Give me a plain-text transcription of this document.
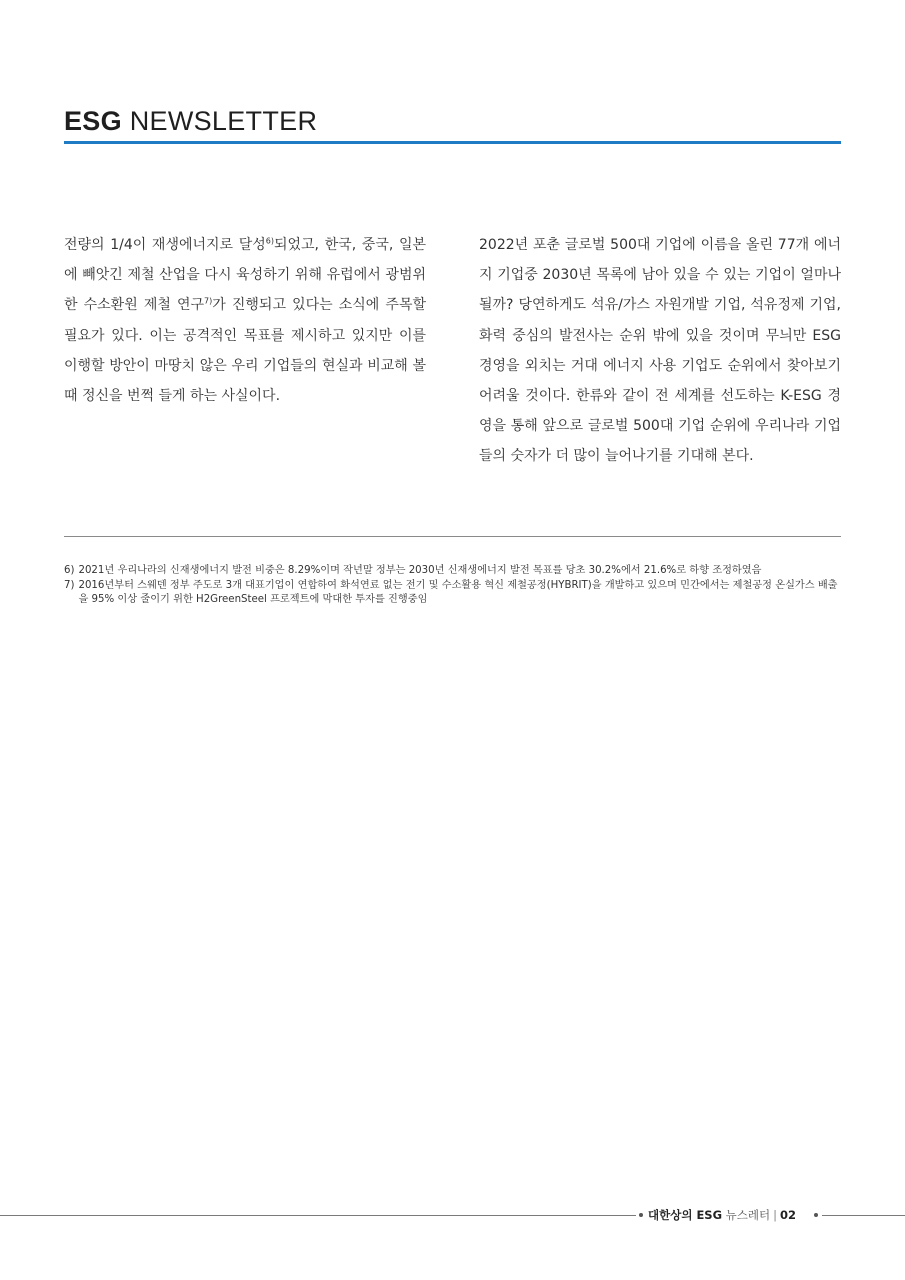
ESG NEWSLETTER

전량의 1/4이 재생에너지로 달성$^{6)}$되었고, 한국, 중국, 일본에 빼앗긴 제철 산업을 다시 육성하기 위해 유럽에서 광범위한 수소환원 제철 연구$^{7)}$가 진행되고 있다는 소식에 주목할 필요가 있다. 이는 공격적인 목표를 제시하고 있지만 이를 이행할 방안이 마땅치 않은 우리 기업들의 현실과 비교해 볼 때 정신을 번쩍 들게 하는 사실이다.

2022년 포춘 글로벌 500대 기업에 이름을 올린 77개 에너지 기업중 2030년 목록에 남아 있을 수 있는 기업이 얼마나 될까? 당연하게도 석유/가스 자원개발 기업, 석유정제 기업, 화력 중심의 발전사는 순위 밖에 있을 것이며 무늬만 ESG 경영을 외치는 거대 에너지 사용 기업도 순위에서 찾아보기 어려울 것이다. 한류와 같이 전 세계를 선도하는 K-ESG 경영을 통해 앞으로 글로벌 500대 기업 순위에 우리나라 기업들의 숫자가 더 많이 늘어나기를 기대해 본다.

6) 2021년 우리나라의 신재생에너지 발전 비중은 8.29%이며 작년말 정부는 2030년 신재생에너지 발전 목표를 당초 30.2%에서 21.6%로 하향 조정하였음
7) 2016년부터 스웨덴 정부 주도로 3개 대표기업이 연합하여 화석연료 없는 전기 및 수소활용 혁신 제철공정(HYBRIT)을 개발하고 있으며 민간에서는 제철공정 온실가스 배출을 95% 이상 줄이기 위한 H2GreenSteel 프로젝트에 막대한 투자를 진행중임
대한상의 ESG 뉴스레터 | 02
